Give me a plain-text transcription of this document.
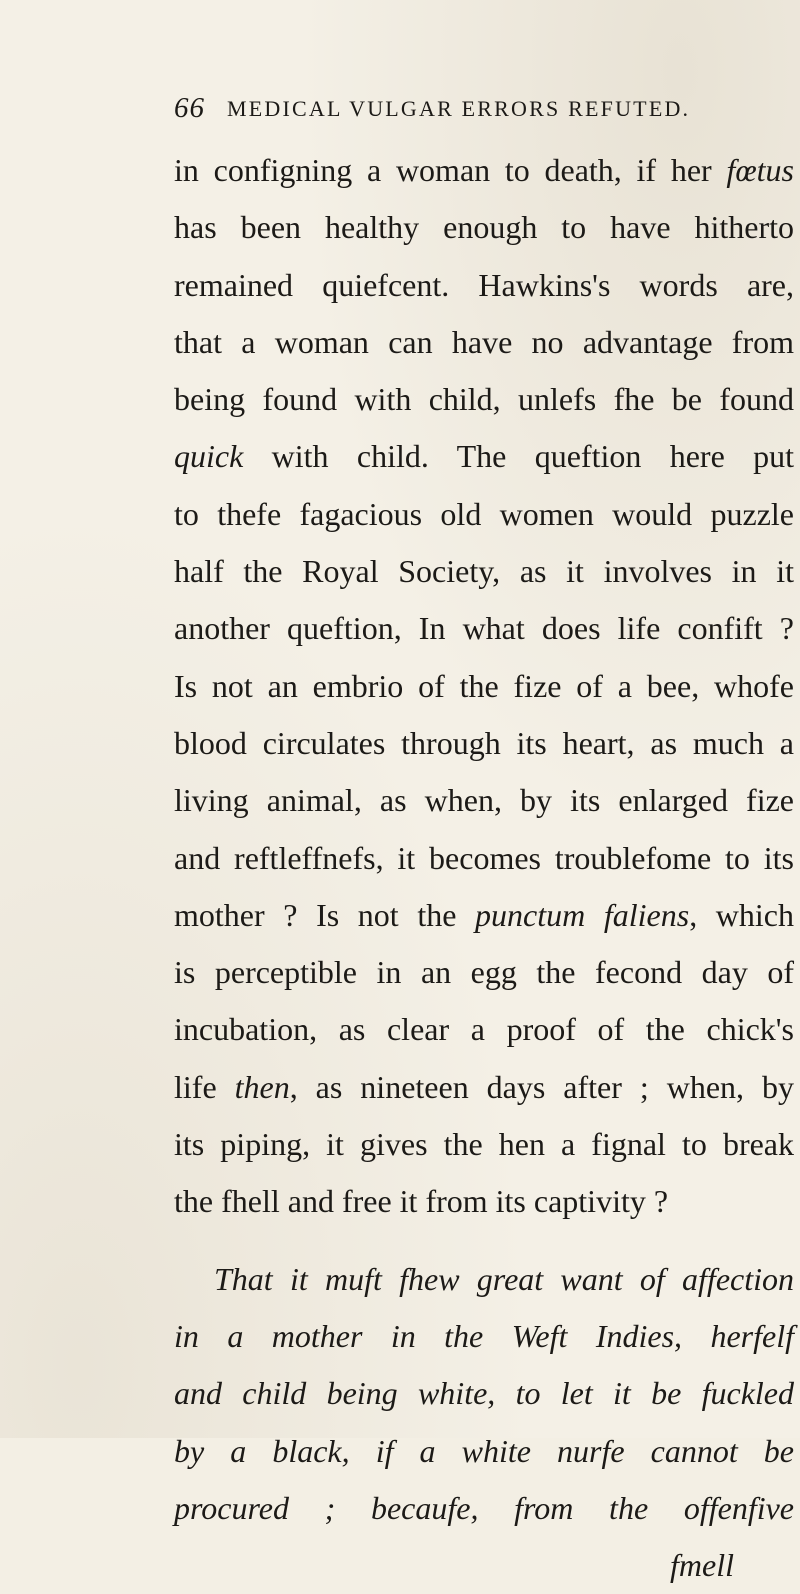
66 MEDICAL VULGAR ERRORS REFUTED.
in configning a woman to death, if her fœtus
has been healthy enough to have hitherto
remained quiefcent. Hawkins's words are,
that a woman can have no advantage from
being found with child, unlefs fhe be found
quick with child. The queftion here put
to thefe fagacious old women would puzzle
half the Royal Society, as it involves in it
another queftion, In what does life confift ?
Is not an embrio of the fize of a bee, whofe
blood circulates through its heart, as much a
living animal, as when, by its enlarged fize
and reftleffnefs, it becomes troublefome to its
mother ? Is not the punctum faliens, which
is perceptible in an egg the fecond day of
incubation, as clear a proof of the chick's
life then, as nineteen days after ; when, by
its piping, it gives the hen a fignal to break
the fhell and free it from its captivity ?
That it muft fhew great want of affection
in a mother in the Weft Indies, herfelf
and child being white, to let it be fuckled
by a black, if a white nurfe cannot be
procured ; becaufe, from the offenfive
fmell
